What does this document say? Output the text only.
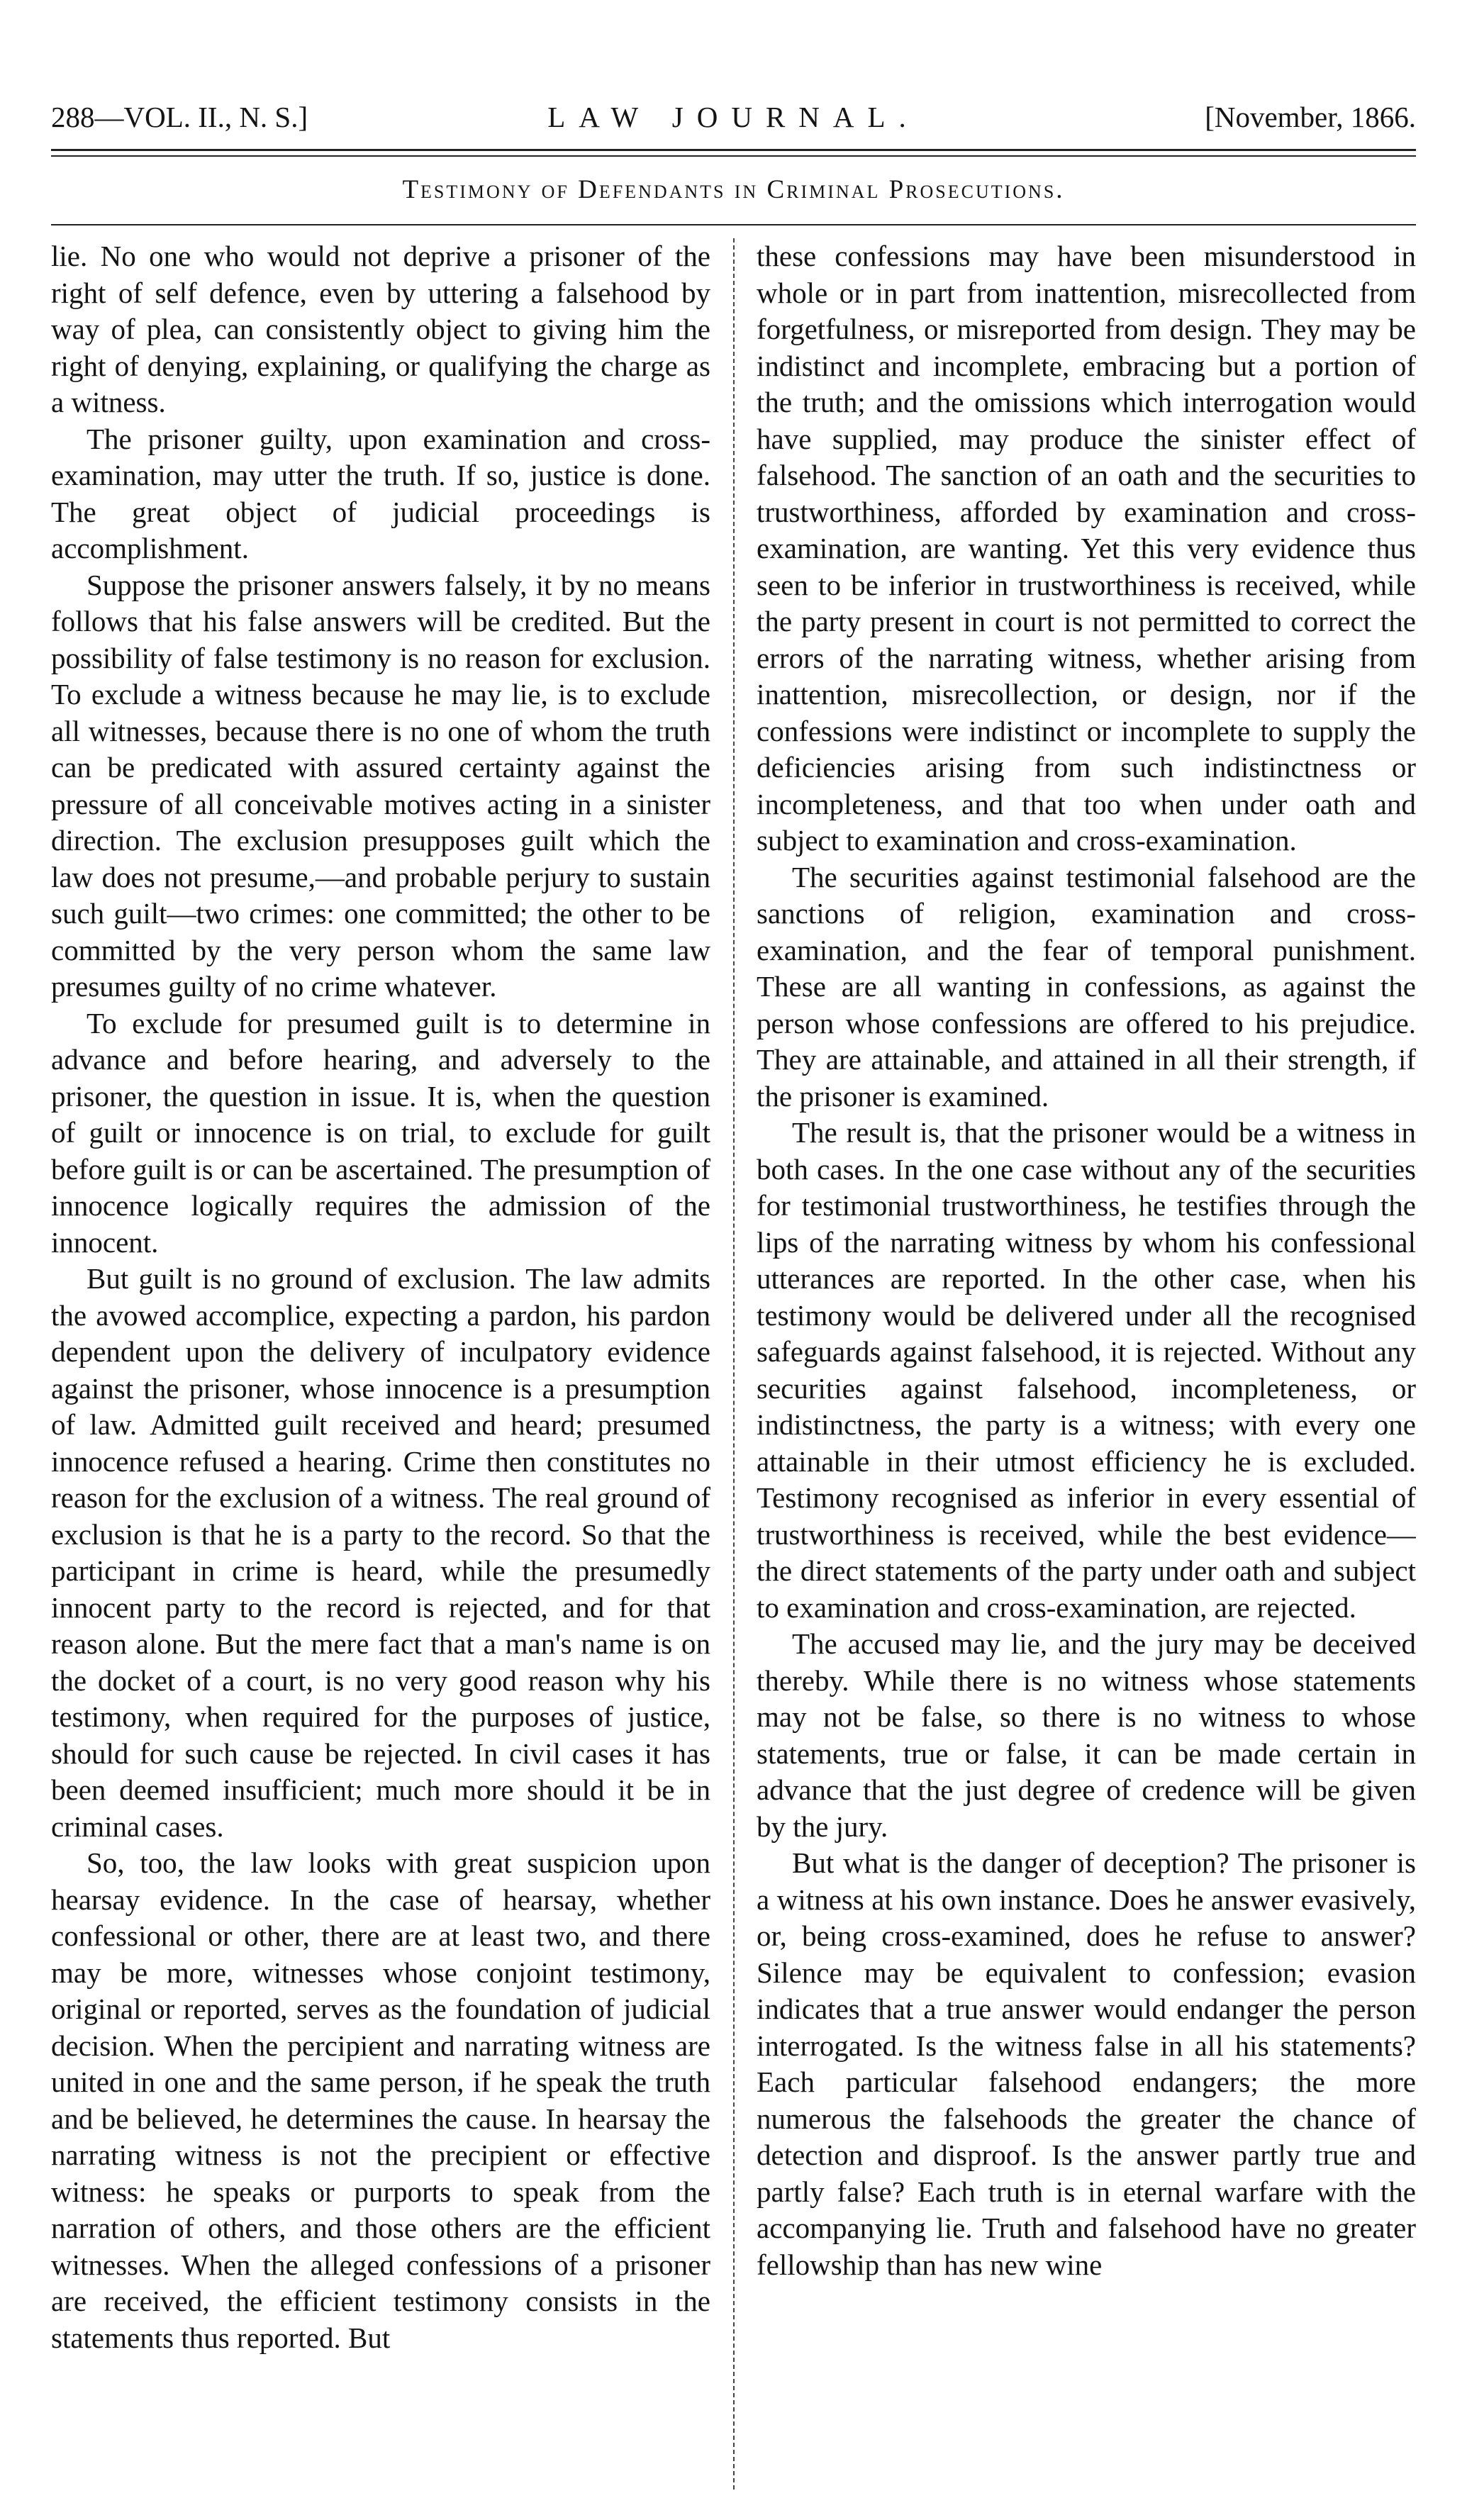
288—VOL. II., N. S.]	LAW JOURNAL.	[November, 1866.
Testimony of Defendants in Criminal Prosecutions.

lie. No one who would not deprive a prisoner of the right of self defence, even by uttering a falsehood by way of plea, can consistently object to giving him the right of denying, explaining, or qualifying the charge as a witness.

The prisoner guilty, upon examination and cross-examination, may utter the truth. If so, justice is done. The great object of judicial proceedings is accomplishment.

Suppose the prisoner answers falsely, it by no means follows that his false answers will be credited. But the possibility of false testimony is no reason for exclusion. To exclude a witness because he may lie, is to exclude all witnesses, because there is no one of whom the truth can be predicated with assured certainty against the pressure of all conceivable motives acting in a sinister direction. The exclusion presupposes guilt which the law does not presume,—and probable perjury to sustain such guilt—two crimes: one committed; the other to be committed by the very person whom the same law presumes guilty of no crime whatever.

To exclude for presumed guilt is to determine in advance and before hearing, and adversely to the prisoner, the question in issue. It is, when the question of guilt or innocence is on trial, to exclude for guilt before guilt is or can be ascertained. The presumption of innocence logically requires the admission of the innocent.

But guilt is no ground of exclusion. The law admits the avowed accomplice, expecting a pardon, his pardon dependent upon the delivery of inculpatory evidence against the prisoner, whose innocence is a presumption of law. Admitted guilt received and heard; presumed innocence refused a hearing. Crime then constitutes no reason for the exclusion of a witness. The real ground of exclusion is that he is a party to the record. So that the participant in crime is heard, while the presumedly innocent party to the record is rejected, and for that reason alone. But the mere fact that a man's name is on the docket of a court, is no very good reason why his testimony, when required for the purposes of justice, should for such cause be rejected. In civil cases it has been deemed insufficient; much more should it be in criminal cases.

So, too, the law looks with great suspicion upon hearsay evidence. In the case of hearsay, whether confessional or other, there are at least two, and there may be more, witnesses whose conjoint testimony, original or reported, serves as the foundation of judicial decision. When the percipient and narrating witness are united in one and the same person, if he speak the truth and be believed, he determines the cause. In hearsay the narrating witness is not the precipient or effective witness: he speaks or purports to speak from the narration of others, and those others are the efficient witnesses. When the alleged confessions of a prisoner are received, the efficient testimony consists in the statements thus reported. But

these confessions may have been misunderstood in whole or in part from inattention, misrecollected from forgetfulness, or misreported from design. They may be indistinct and incomplete, embracing but a portion of the truth; and the omissions which interrogation would have supplied, may produce the sinister effect of falsehood. The sanction of an oath and the securities to trustworthiness, afforded by examination and cross-examination, are wanting. Yet this very evidence thus seen to be inferior in trustworthiness is received, while the party present in court is not permitted to correct the errors of the narrating witness, whether arising from inattention, misrecollection, or design, nor if the confessions were indistinct or incomplete to supply the deficiencies arising from such indistinctness or incompleteness, and that too when under oath and subject to examination and cross-examination.

The securities against testimonial falsehood are the sanctions of religion, examination and cross-examination, and the fear of temporal punishment. These are all wanting in confessions, as against the person whose confessions are offered to his prejudice. They are attainable, and attained in all their strength, if the prisoner is examined.

The result is, that the prisoner would be a witness in both cases. In the one case without any of the securities for testimonial trustworthiness, he testifies through the lips of the narrating witness by whom his confessional utterances are reported. In the other case, when his testimony would be delivered under all the recognised safeguards against falsehood, it is rejected. Without any securities against falsehood, incompleteness, or indistinctness, the party is a witness; with every one attainable in their utmost efficiency he is excluded. Testimony recognised as inferior in every essential of trustworthiness is received, while the best evidence—the direct statements of the party under oath and subject to examination and cross-examination, are rejected.

The accused may lie, and the jury may be deceived thereby. While there is no witness whose statements may not be false, so there is no witness to whose statements, true or false, it can be made certain in advance that the just degree of credence will be given by the jury.

But what is the danger of deception? The prisoner is a witness at his own instance. Does he answer evasively, or, being cross-examined, does he refuse to answer? Silence may be equivalent to confession; evasion indicates that a true answer would endanger the person interrogated. Is the witness false in all his statements? Each particular falsehood endangers; the more numerous the falsehoods the greater the chance of detection and disproof. Is the answer partly true and partly false? Each truth is in eternal warfare with the accompanying lie. Truth and falsehood have no greater fellowship than has new wine
